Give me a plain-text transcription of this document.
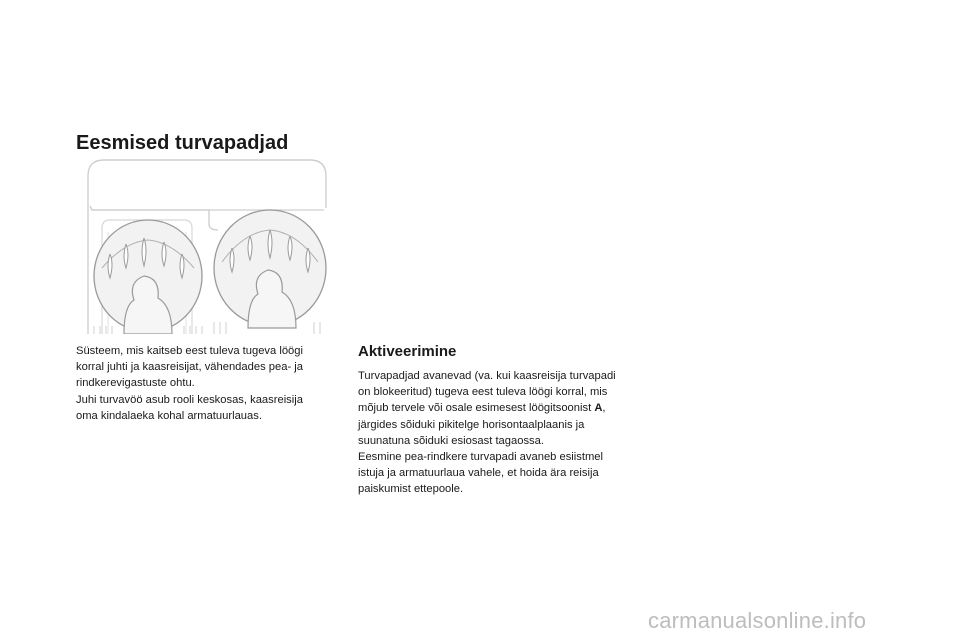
Eesmised turvapadjad

Süsteem, mis kaitseb eest tuleva tugeva löögi korral juhti ja kaasreisijat, vähendades pea- ja rindkerevigastuste ohtu.

Juhi turvavöö asub rooli keskosas, kaasreisija oma kindalaeka kohal armatuurlauas.

Aktiveerimine

Turvapadjad avanevad (va. kui kaasreisija turvapadi on blokeeritud) tugeva eest tuleva löögi korral, mis mõjub tervele või osale esimesest löögitsoonist A, järgides sõiduki pikitelge horisontaalplaanis ja suunatuna sõiduki esiosast tagaossa.

Eesmine pea-rindkere turvapadi avaneb esiistmel istuja ja armatuurlaua vahele, et hoida ära reisija paiskumist ettepoole.

carmanualsonline.info
